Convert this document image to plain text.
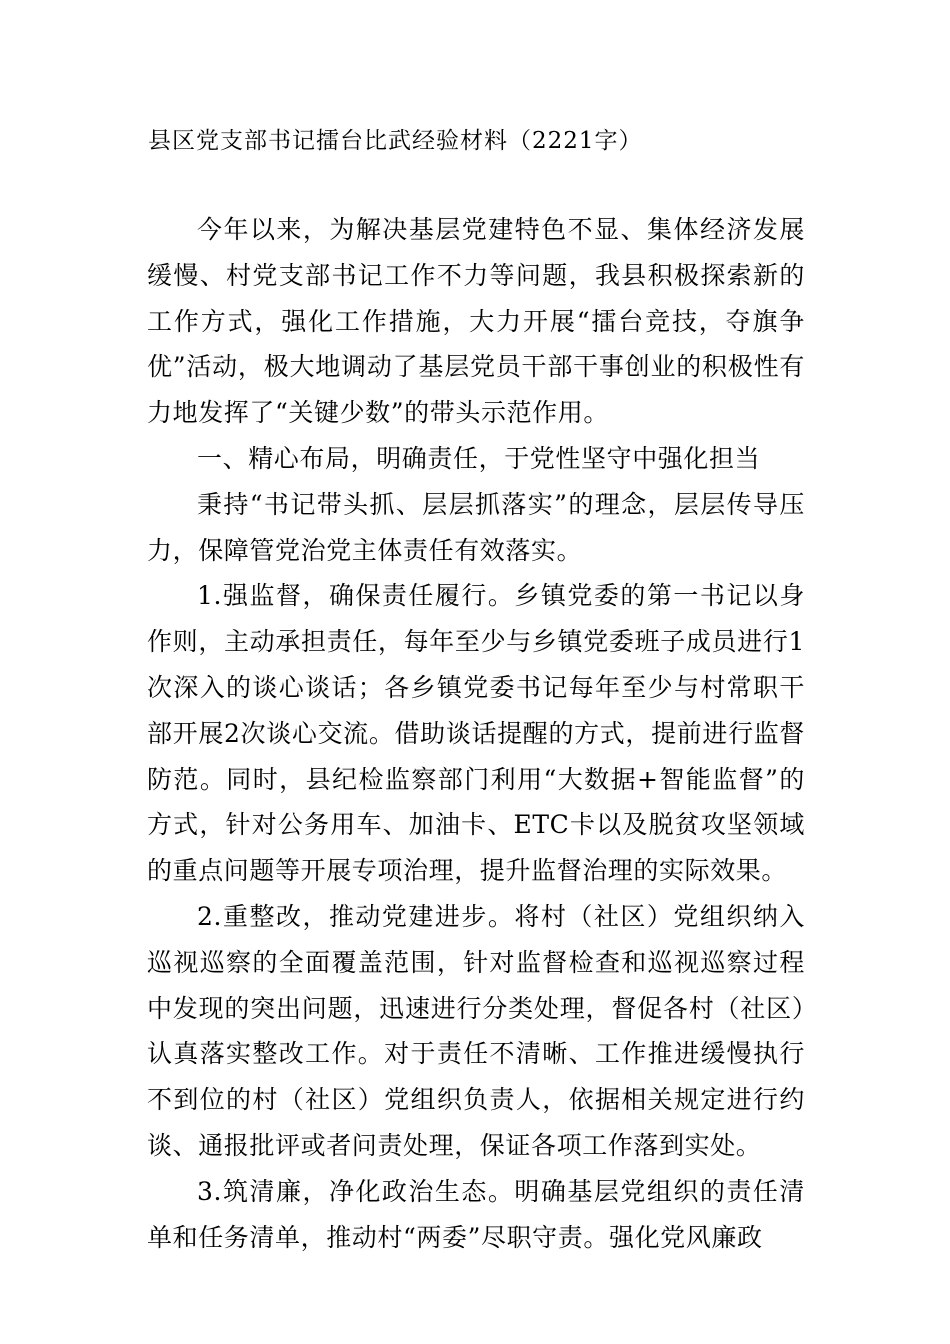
县区党支部书记擂台比武经验材料（2221字）

今年以来，为解决基层党建特色不显、集体经济发展缓慢、村党支部书记工作不力等问题，我县积极探索新的工作方式，强化工作措施，大力开展“擂台竞技，夺旗争优”活动，极大地调动了基层党员干部干事创业的积极性有力地发挥了“关键少数”的带头示范作用。

一、精心布局，明确责任，于党性坚守中强化担当

秉持“书记带头抓、层层抓落实”的理念，层层传导压力，保障管党治党主体责任有效落实。

1.强监督，确保责任履行。乡镇党委的第一书记以身作则，主动承担责任，每年至少与乡镇党委班子成员进行1次深入的谈心谈话；各乡镇党委书记每年至少与村常职干部开展2次谈心交流。借助谈话提醒的方式，提前进行监督防范。同时，县纪检监察部门利用“大数据+智能监督”的方式，针对公务用车、加油卡、ETC卡以及脱贫攻坚领域的重点问题等开展专项治理，提升监督治理的实际效果。

2.重整改，推动党建进步。将村（社区）党组织纳入巡视巡察的全面覆盖范围，针对监督检查和巡视巡察过程中发现的突出问题，迅速进行分类处理，督促各村（社区）认真落实整改工作。对于责任不清晰、工作推进缓慢执行不到位的村（社区）党组织负责人，依据相关规定进行约谈、通报批评或者问责处理，保证各项工作落到实处。

3.筑清廉，净化政治生态。明确基层党组织的责任清单和任务清单，推动村“两委”尽职守责。强化党风廉政
